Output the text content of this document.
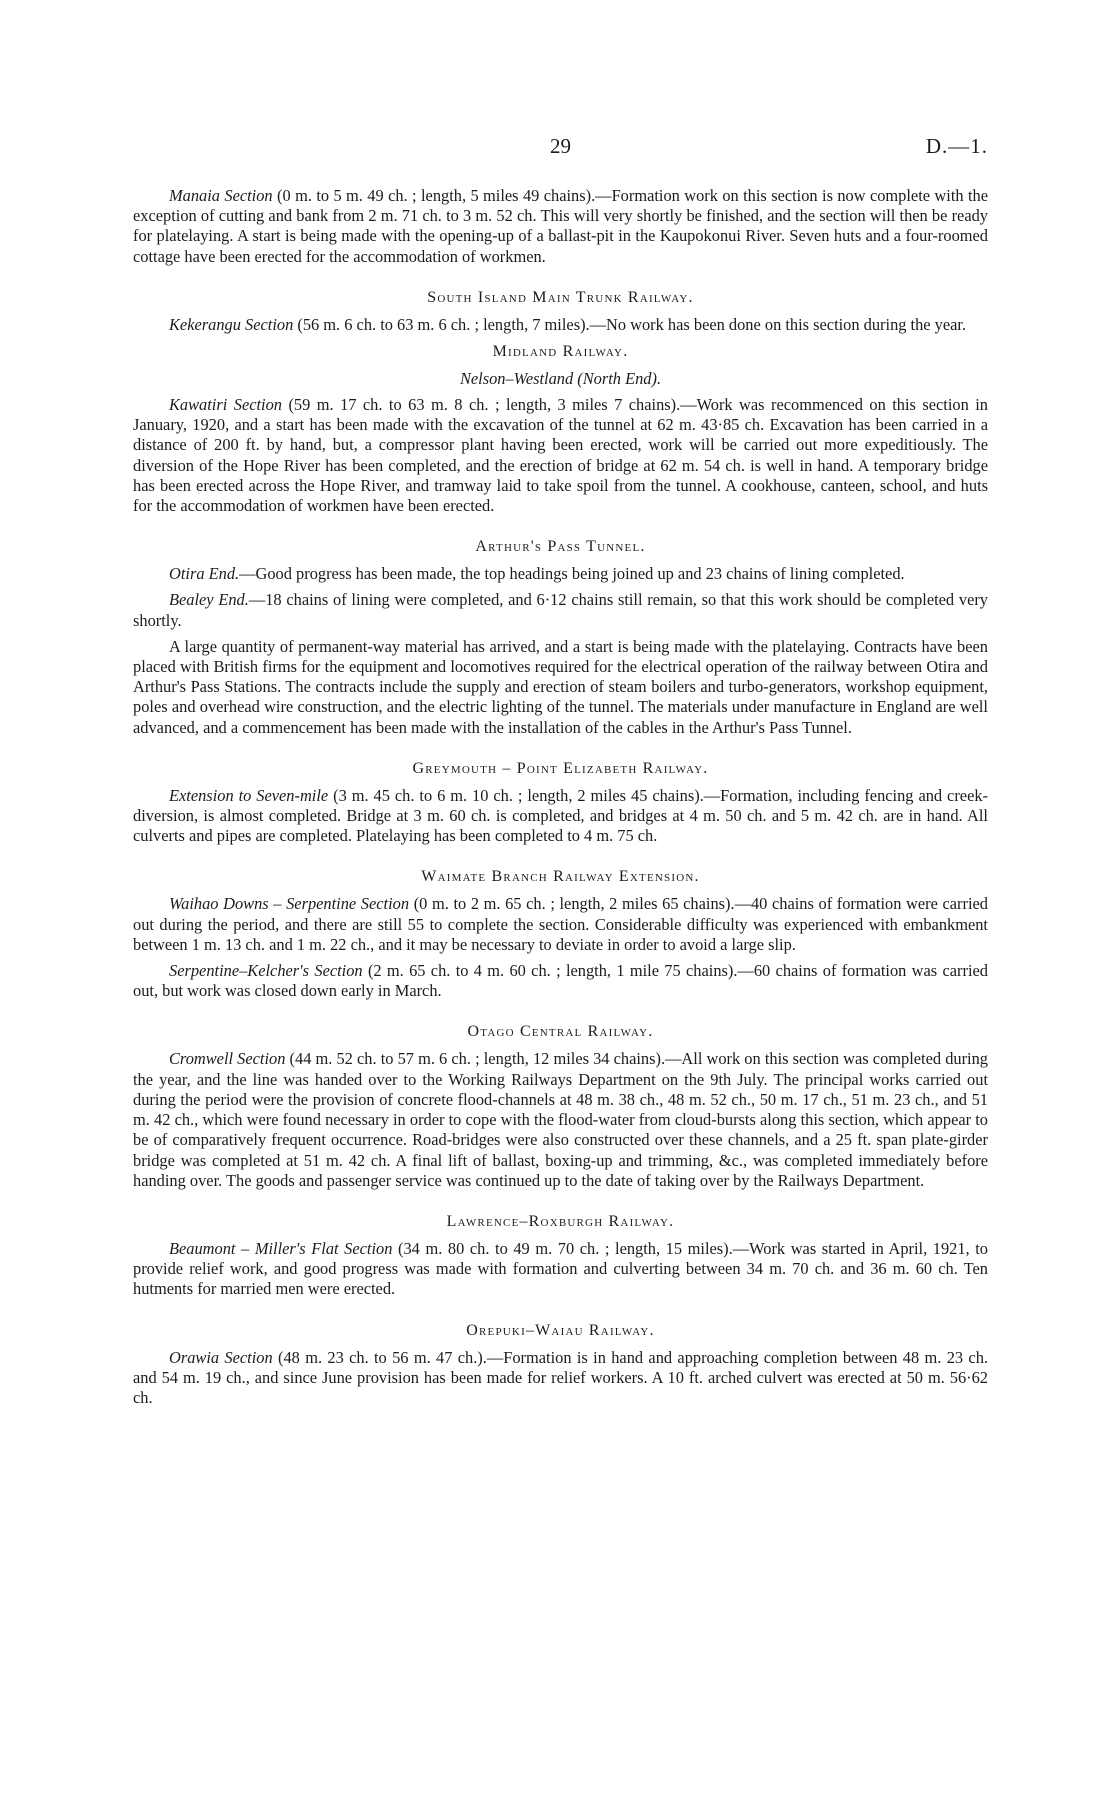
29	D.—1.

Manaia Section (0 m. to 5 m. 49 ch. ; length, 5 miles 49 chains).—Formation work on this section is now complete with the exception of cutting and bank from 2 m. 71 ch. to 3 m. 52 ch. This will very shortly be finished, and the section will then be ready for platelaying. A start is being made with the opening-up of a ballast-pit in the Kaupokonui River. Seven huts and a four-roomed cottage have been erected for the accommodation of workmen.

South Island Main Trunk Railway.

Kekerangu Section (56 m. 6 ch. to 63 m. 6 ch. ; length, 7 miles).—No work has been done on this section during the year.

Midland Railway.
Nelson–Westland (North End).

Kawatiri Section (59 m. 17 ch. to 63 m. 8 ch. ; length, 3 miles 7 chains).—Work was recommenced on this section in January, 1920, and a start has been made with the excavation of the tunnel at 62 m. 43·85 ch. Excavation has been carried in a distance of 200 ft. by hand, but, a compressor plant having been erected, work will be carried out more expeditiously. The diversion of the Hope River has been completed, and the erection of bridge at 62 m. 54 ch. is well in hand. A temporary bridge has been erected across the Hope River, and tramway laid to take spoil from the tunnel. A cookhouse, canteen, school, and huts for the accommodation of workmen have been erected.

Arthur's Pass Tunnel.

Otira End.—Good progress has been made, the top headings being joined up and 23 chains of lining completed.

Bealey End.—18 chains of lining were completed, and 6·12 chains still remain, so that this work should be completed very shortly.

A large quantity of permanent-way material has arrived, and a start is being made with the platelaying. Contracts have been placed with British firms for the equipment and locomotives required for the electrical operation of the railway between Otira and Arthur's Pass Stations. The contracts include the supply and erection of steam boilers and turbo-generators, workshop equipment, poles and overhead wire construction, and the electric lighting of the tunnel. The materials under manufacture in England are well advanced, and a commencement has been made with the installation of the cables in the Arthur's Pass Tunnel.

Greymouth – Point Elizabeth Railway.

Extension to Seven-mile (3 m. 45 ch. to 6 m. 10 ch. ; length, 2 miles 45 chains).—Formation, including fencing and creek-diversion, is almost completed. Bridge at 3 m. 60 ch. is completed, and bridges at 4 m. 50 ch. and 5 m. 42 ch. are in hand. All culverts and pipes are completed. Platelaying has been completed to 4 m. 75 ch.

Waimate Branch Railway Extension.

Waihao Downs – Serpentine Section (0 m. to 2 m. 65 ch. ; length, 2 miles 65 chains).—40 chains of formation were carried out during the period, and there are still 55 to complete the section. Considerable difficulty was experienced with embankment between 1 m. 13 ch. and 1 m. 22 ch., and it may be necessary to deviate in order to avoid a large slip.

Serpentine–Kelcher's Section (2 m. 65 ch. to 4 m. 60 ch. ; length, 1 mile 75 chains).—60 chains of formation was carried out, but work was closed down early in March.

Otago Central Railway.

Cromwell Section (44 m. 52 ch. to 57 m. 6 ch. ; length, 12 miles 34 chains).—All work on this section was completed during the year, and the line was handed over to the Working Railways Department on the 9th July. The principal works carried out during the period were the provision of concrete flood-channels at 48 m. 38 ch., 48 m. 52 ch., 50 m. 17 ch., 51 m. 23 ch., and 51 m. 42 ch., which were found necessary in order to cope with the flood-water from cloud-bursts along this section, which appear to be of comparatively frequent occurrence. Road-bridges were also constructed over these channels, and a 25 ft. span plate-girder bridge was completed at 51 m. 42 ch. A final lift of ballast, boxing-up and trimming, &c., was completed immediately before handing over. The goods and passenger service was continued up to the date of taking over by the Railways Department.

Lawrence–Roxburgh Railway.

Beaumont – Miller's Flat Section (34 m. 80 ch. to 49 m. 70 ch. ; length, 15 miles).—Work was started in April, 1921, to provide relief work, and good progress was made with formation and culverting between 34 m. 70 ch. and 36 m. 60 ch. Ten hutments for married men were erected.

Orepuki–Waiau Railway.

Orawia Section (48 m. 23 ch. to 56 m. 47 ch.).—Formation is in hand and approaching completion between 48 m. 23 ch. and 54 m. 19 ch., and since June provision has been made for relief workers. A 10 ft. arched culvert was erected at 50 m. 56·62 ch.
